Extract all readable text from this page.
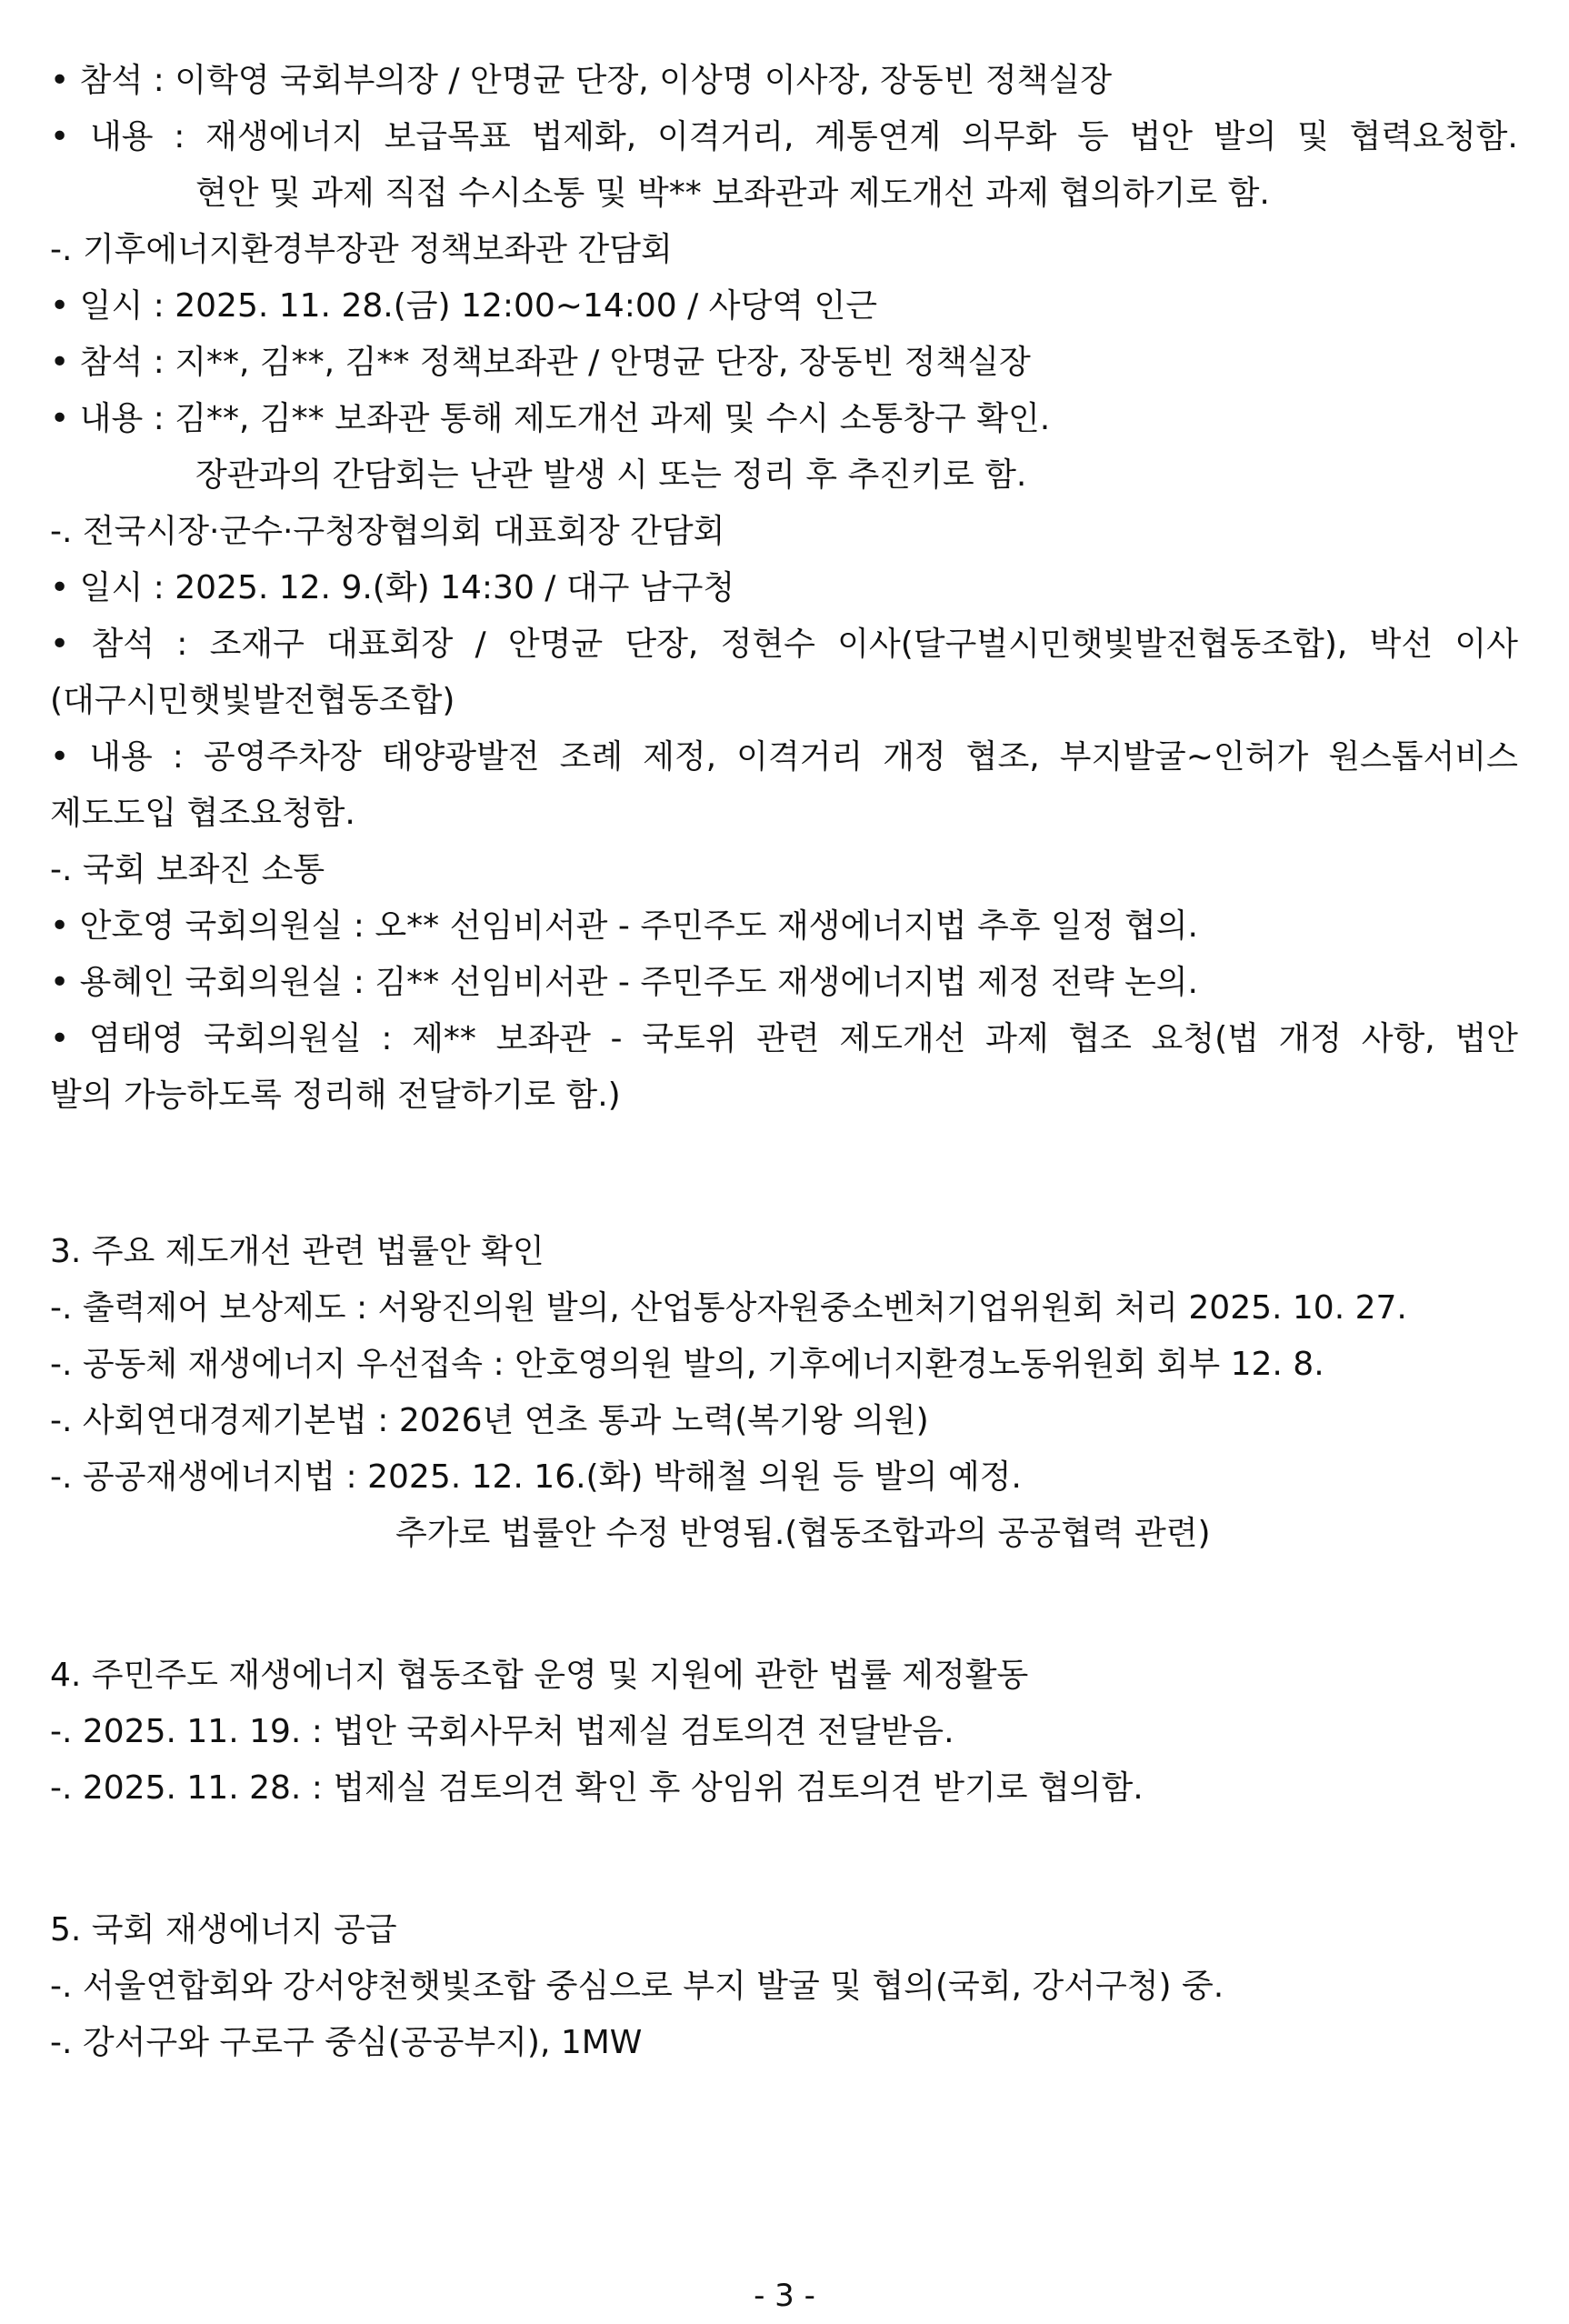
• 참석 : 이학영 국회부의장 / 안명균 단장, 이상명 이사장, 장동빈 정책실장
• 내용 : 재생에너지 보급목표 법제화, 이격거리, 계통연계 의무화 등 법안 발의 및 협력요청함.
현안 및 과제 직접 수시소통 및 박** 보좌관과 제도개선 과제 협의하기로 함.
-. 기후에너지환경부장관 정책보좌관 간담회
• 일시 : 2025. 11. 28.(금) 12:00~14:00 / 사당역 인근
• 참석 : 지**, 김**, 김** 정책보좌관 / 안명균 단장, 장동빈 정책실장
• 내용 : 김**, 김** 보좌관 통해 제도개선 과제 및 수시 소통창구 확인.
장관과의 간담회는 난관 발생 시 또는 정리 후 추진키로 함.
-. 전국시장·군수·구청장협의회 대표회장 간담회
• 일시 : 2025. 12. 9.(화) 14:30 / 대구 남구청
• 참석 : 조재구 대표회장 / 안명균 단장, 정현수 이사(달구벌시민햇빛발전협동조합), 박선 이사
(대구시민햇빛발전협동조합)
• 내용 : 공영주차장 태양광발전 조례 제정, 이격거리 개정 협조, 부지발굴~인허가 원스톱서비스
제도도입 협조요청함.
-. 국회 보좌진 소통
• 안호영 국회의원실 : 오** 선임비서관 - 주민주도 재생에너지법 추후 일정 협의.
• 용혜인 국회의원실 : 김** 선임비서관 - 주민주도 재생에너지법 제정 전략 논의.
• 염태영 국회의원실 : 제** 보좌관 - 국토위 관련 제도개선 과제 협조 요청(법 개정 사항, 법안
발의 가능하도록 정리해 전달하기로 함.)
3. 주요 제도개선 관련 법률안 확인
-. 출력제어 보상제도 : 서왕진의원 발의, 산업통상자원중소벤처기업위원회 처리 2025. 10. 27.
-. 공동체 재생에너지 우선접속 : 안호영의원 발의, 기후에너지환경노동위원회 회부 12. 8.
-. 사회연대경제기본법 : 2026년 연초 통과 노력(복기왕 의원)
-. 공공재생에너지법 : 2025. 12. 16.(화) 박해철 의원 등 발의 예정.
추가로 법률안 수정 반영됨.(협동조합과의 공공협력 관련)
4. 주민주도 재생에너지 협동조합 운영 및 지원에 관한 법률 제정활동
-. 2025. 11. 19. : 법안 국회사무처 법제실 검토의견 전달받음.
-. 2025. 11. 28. : 법제실 검토의견 확인 후 상임위 검토의견 받기로 협의함.
5. 국회 재생에너지 공급
-. 서울연합회와 강서양천햇빛조합 중심으로 부지 발굴 및 협의(국회, 강서구청) 중.
-. 강서구와 구로구 중심(공공부지), 1MW
- 3 -
